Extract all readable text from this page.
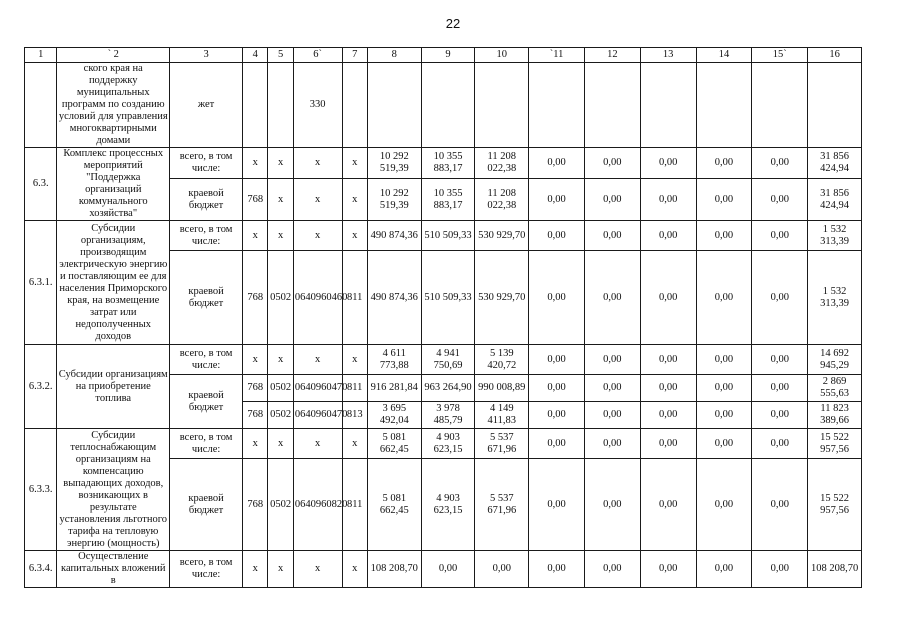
22
1	` 2	3	4	5	6`	7	8	9	10	`11	12	13	14	15`	16
	ского края на поддержку муниципальных программ по созданию условий для управления многоквартирными домами	жет			330										
6.3.	Комплекс процессных мероприятий "Поддержка организаций коммунального хозяйства"	всего, в том числе:	х	х	х	х	10 292 519,39	10 355 883,17	11 208 022,38	0,00	0,00	0,00	0,00	0,00	31 856 424,94
		краевой бюджет	768	х	х	х	10 292 519,39	10 355 883,17	11 208 022,38	0,00	0,00	0,00	0,00	0,00	31 856 424,94
6.3.1.	Субсидии организациям, производящим электрическую энергию и поставляющим ее для населения Приморского края, на возмещение затрат или недополученных доходов	всего, в том числе:	х	х	х	х	490 874,36	510 509,33	530 929,70	0,00	0,00	0,00	0,00	0,00	1 532 313,39
		краевой бюджет	768	0502	0640960460	811	490 874,36	510 509,33	530 929,70	0,00	0,00	0,00	0,00	0,00	1 532 313,39
6.3.2.	Субсидии организациям на приобретение топлива	всего, в том числе:	х	х	х	х	4 611 773,88	4 941 750,69	5 139 420,72	0,00	0,00	0,00	0,00	0,00	14 692 945,29
		краевой бюджет	768	0502	0640960470	811	916 281,84	963 264,90	990 008,89	0,00	0,00	0,00	0,00	0,00	2 869 555,63
			768	0502	0640960470	813	3 695 492,04	3 978 485,79	4 149 411,83	0,00	0,00	0,00	0,00	0,00	11 823 389,66
6.3.3.	Субсидии теплоснабжающим организациям на компенсацию выпадающих доходов, возникающих в результате установления льготного тарифа на тепловую энергию (мощность)	всего, в том числе:	х	х	х	х	5 081 662,45	4 903 623,15	5 537 671,96	0,00	0,00	0,00	0,00	0,00	15 522 957,56
		краевой бюджет	768	0502	0640960820	811	5 081 662,45	4 903 623,15	5 537 671,96	0,00	0,00	0,00	0,00	0,00	15 522 957,56
6.3.4.	Осуществление капитальных вложений в	всего, в том числе:	х	х	х	х	108 208,70	0,00	0,00	0,00	0,00	0,00	0,00	0,00	108 208,70
